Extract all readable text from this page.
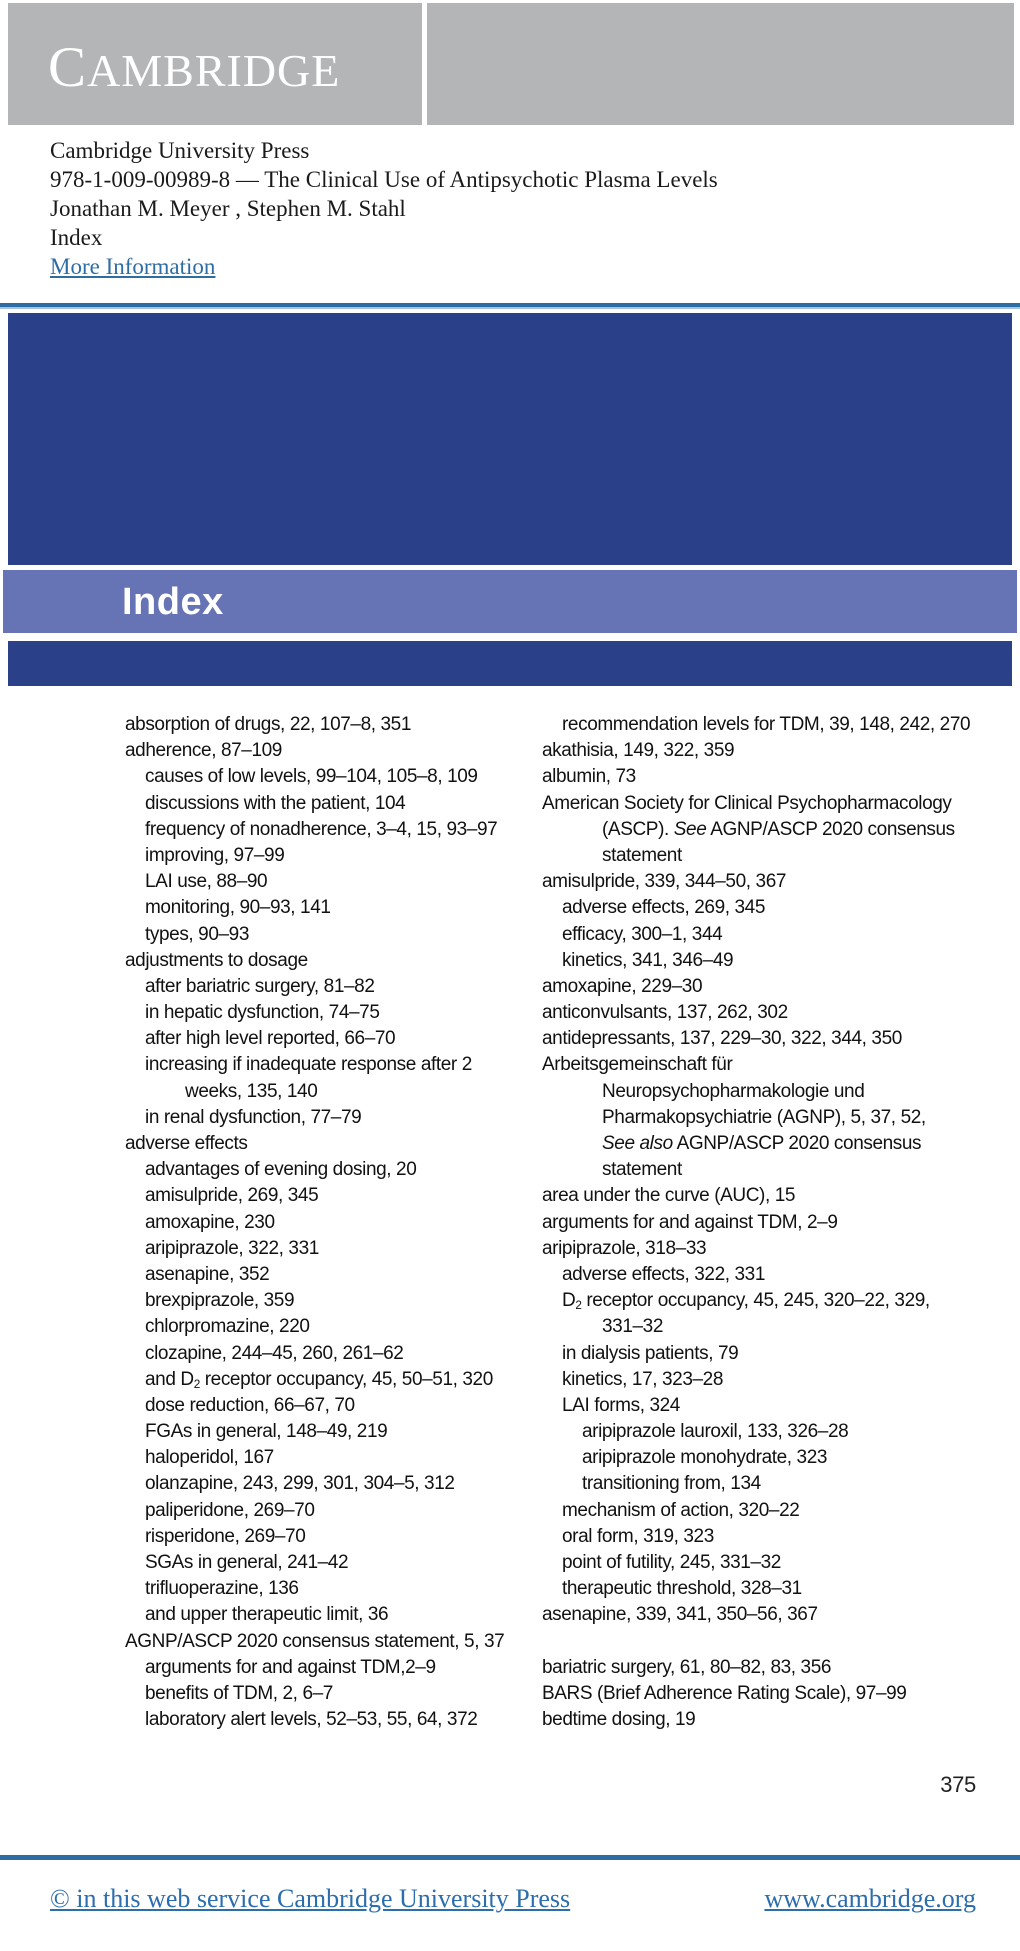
CAMBRIDGE
Cambridge University Press
978-1-009-00989-8 — The Clinical Use of Antipsychotic Plasma Levels
Jonathan M. Meyer , Stephen M. Stahl
Index
More Information
Index
absorption of drugs, 22, 107–8, 351
adherence, 87–109
causes of low levels, 99–104, 105–8, 109
discussions with the patient, 104
frequency of nonadherence, 3–4, 15, 93–97
improving, 97–99
LAI use, 88–90
monitoring, 90–93, 141
types, 90–93
adjustments to dosage
after bariatric surgery, 81–82
in hepatic dysfunction, 74–75
after high level reported, 66–70
increasing if inadequate response after 2
weeks, 135, 140
in renal dysfunction, 77–79
adverse effects
advantages of evening dosing, 20
amisulpride, 269, 345
amoxapine, 230
aripiprazole, 322, 331
asenapine, 352
brexpiprazole, 359
chlorpromazine, 220
clozapine, 244–45, 260, 261–62
and $D_2$ receptor occupancy, 45, 50–51, 320
dose reduction, 66–67, 70
FGAs in general, 148–49, 219
haloperidol, 167
olanzapine, 243, 299, 301, 304–5, 312
paliperidone, 269–70
risperidone, 269–70
SGAs in general, 241–42
trifluoperazine, 136
and upper therapeutic limit, 36
AGNP/ASCP 2020 consensus statement, 5, 37
arguments for and against TDM,2–9
benefits of TDM, 2, 6–7
laboratory alert levels, 52–53, 55, 64, 372
recommendation levels for TDM, 39, 148, 242, 270
akathisia, 149, 322, 359
albumin, 73
American Society for Clinical Psychopharmacology
(ASCP). See AGNP/ASCP 2020 consensus
statement
amisulpride, 339, 344–50, 367
adverse effects, 269, 345
efficacy, 300–1, 344
kinetics, 341, 346–49
amoxapine, 229–30
anticonvulsants, 137, 262, 302
antidepressants, 137, 229–30, 322, 344, 350
Arbeitsgemeinschaft für
Neuropsychopharmakologie und
Pharmakopsychiatrie (AGNP), 5, 37, 52,
See also AGNP/ASCP 2020 consensus
statement
area under the curve (AUC), 15
arguments for and against TDM, 2–9
aripiprazole, 318–33
adverse effects, 322, 331
$D_2$ receptor occupancy, 45, 245, 320–22, 329,
331–32
in dialysis patients, 79
kinetics, 17, 323–28
LAI forms, 324
aripiprazole lauroxil, 133, 326–28
aripiprazole monohydrate, 323
transitioning from, 134
mechanism of action, 320–22
oral form, 319, 323
point of futility, 245, 331–32
therapeutic threshold, 328–31
asenapine, 339, 341, 350–56, 367

bariatric surgery, 61, 80–82, 83, 356
BARS (Brief Adherence Rating Scale), 97–99
bedtime dosing, 19
375
© in this web service Cambridge University Press	www.cambridge.org
